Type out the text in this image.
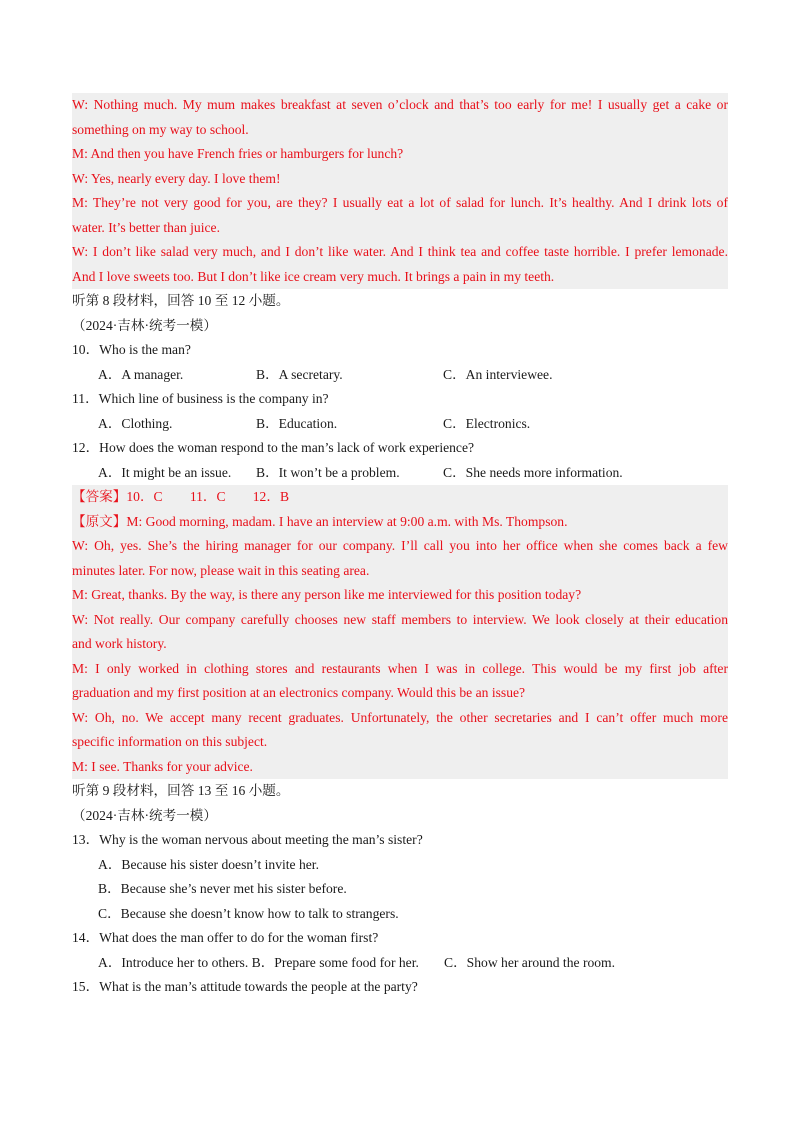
W: Nothing much. My mum makes breakfast at seven o’clock and that’s too early for me! I usually get a cake or
something on my way to school.
M: And then you have French fries or hamburgers for lunch?
W: Yes, nearly every day. I love them!
M: They’re not very good for you, are they? I usually eat a lot of salad for lunch. It’s healthy. And I drink lots of
water. It’s better than juice.
W: I don’t like salad very much, and I don’t like water. And I think tea and coffee taste horrible. I prefer lemonade.
And I love sweets too. But I don’t like ice cream very much. It brings a pain in my teeth.
听第 8 段材料，回答 10 至 12 小题。
（2024·吉林·统考一模）
10．Who is the man?
A．A manager.	B．A secretary.	C．An interviewee.
11．Which line of business is the company in?
A．Clothing.	B．Education.	C．Electronics.
12．How does the woman respond to the man’s lack of work experience?
A．It might be an issue.	B．It won’t be a problem.	C．She needs more information.
【答案】10．C　　11．C　　12．B
【原文】M: Good morning, madam. I have an interview at 9:00 a.m. with Ms. Thompson.
W: Oh, yes. She’s the hiring manager for our company. I’ll call you into her office when she comes back a few
minutes later. For now, please wait in this seating area.
M: Great, thanks. By the way, is there any person like me interviewed for this position today?
W: Not really. Our company carefully chooses new staff members to interview. We look closely at their education
and work history.
M: I only worked in clothing stores and restaurants when I was in college. This would be my first job after
graduation and my first position at an electronics company. Would this be an issue?
W: Oh, no. We accept many recent graduates. Unfortunately, the other secretaries and I can’t offer much more
specific information on this subject.
M: I see. Thanks for your advice.
听第 9 段材料，回答 13 至 16 小题。
（2024·吉林·统考一模）
13．Why is the woman nervous about meeting the man’s sister?
A．Because his sister doesn’t invite her.
B．Because she’s never met his sister before.
C．Because she doesn’t know how to talk to strangers.
14．What does the man offer to do for the woman first?
A．Introduce her to others. B．Prepare some food for her.	C．Show her around the room.
15．What is the man’s attitude towards the people at the party?
